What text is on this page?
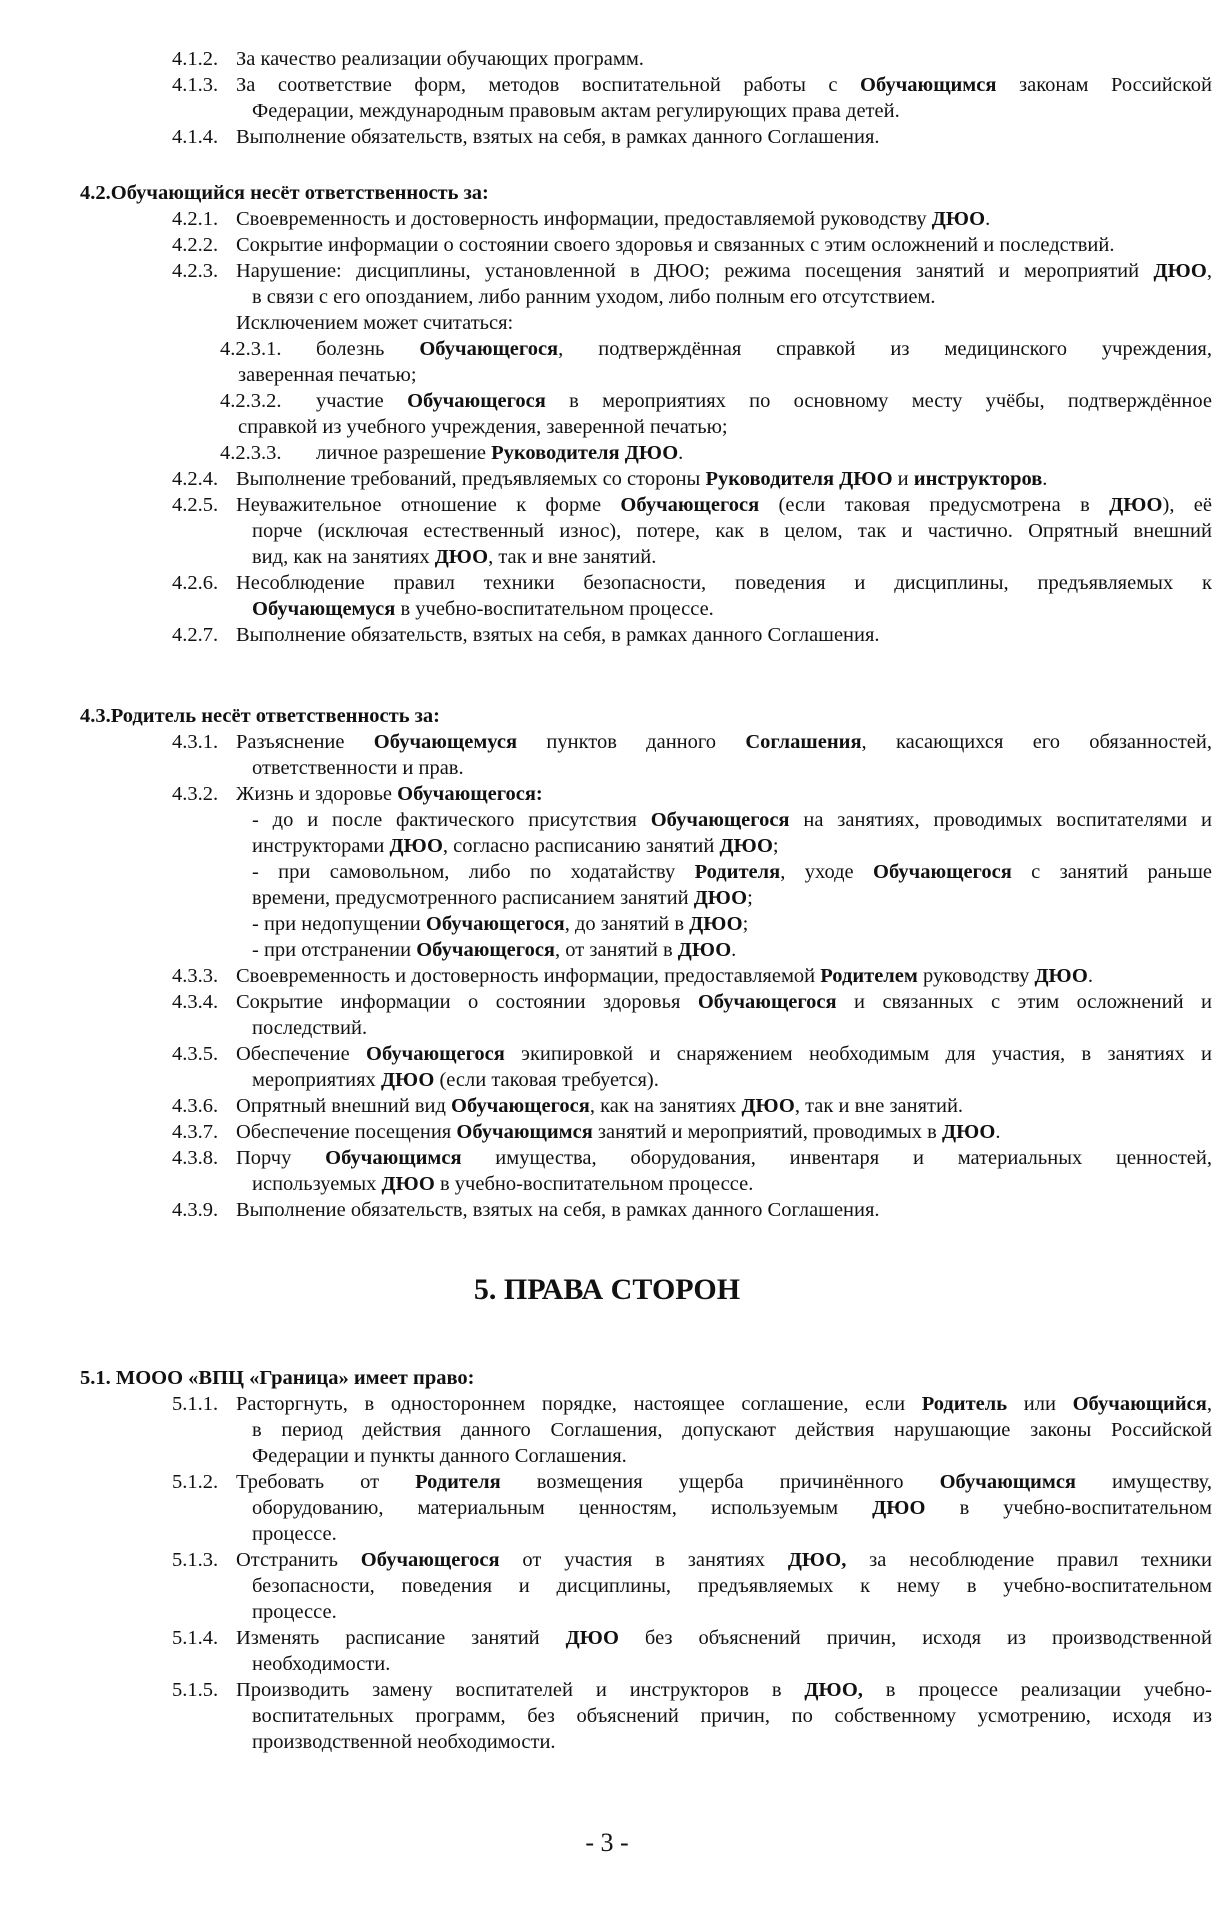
4.1.2. За качество реализации обучающих программ.
4.1.3. За соответствие форм, методов воспитательной работы с Обучающимся законам Российской
Федерации, международным правовым актам регулирующих права детей.
4.1.4. Выполнение обязательств, взятых на себя, в рамках данного Соглашения.
4.2.Обучающийся несёт ответственность за:
4.2.1. Своевременность и достоверность информации, предоставляемой руководству ДЮО.
4.2.2. Сокрытие информации о состоянии своего здоровья и связанных с этим осложнений и последствий.
4.2.3. Нарушение: дисциплины, установленной в ДЮО; режима посещения занятий и мероприятий ДЮО,
в связи с его опозданием, либо ранним уходом, либо полным его отсутствием.
Исключением может считаться:
4.2.3.1. болезнь Обучающегося, подтверждённая справкой из медицинского учреждения,
заверенная печатью;
4.2.3.2. участие Обучающегося в мероприятиях по основному месту учёбы, подтверждённое
справкой из учебного учреждения, заверенной печатью;
4.2.3.3. личное разрешение Руководителя ДЮО.
4.2.4. Выполнение требований, предъявляемых со стороны Руководителя ДЮО и инструкторов.
4.2.5. Неуважительное отношение к форме Обучающегося (если таковая предусмотрена в ДЮО), её
порче (исключая естественный износ), потере, как в целом, так и частично. Опрятный внешний
вид, как на занятиях ДЮО, так и вне занятий.
4.2.6. Несоблюдение правил техники безопасности, поведения и дисциплины, предъявляемых к
Обучающемуся в учебно-воспитательном процессе.
4.2.7. Выполнение обязательств, взятых на себя, в рамках данного Соглашения.
4.3.Родитель несёт ответственность за:
4.3.1. Разъяснение Обучающемуся пунктов данного Соглашения, касающихся его обязанностей,
ответственности и прав.
4.3.2. Жизнь и здоровье Обучающегося:
- до и после фактического присутствия Обучающегося на занятиях, проводимых воспитателями и
инструкторами ДЮО, согласно расписанию занятий ДЮО;
- при самовольном, либо по ходатайству Родителя, уходе Обучающегося с занятий раньше
времени, предусмотренного расписанием занятий ДЮО;
- при недопущении Обучающегося, до занятий в ДЮО;
- при отстранении Обучающегося, от занятий в ДЮО.
4.3.3. Своевременность и достоверность информации, предоставляемой Родителем руководству ДЮО.
4.3.4. Сокрытие информации о состоянии здоровья Обучающегося и связанных с этим осложнений и
последствий.
4.3.5. Обеспечение Обучающегося экипировкой и снаряжением необходимым для участия, в занятиях и
мероприятиях ДЮО (если таковая требуется).
4.3.6. Опрятный внешний вид Обучающегося, как на занятиях ДЮО, так и вне занятий.
4.3.7. Обеспечение посещения Обучающимся занятий и мероприятий, проводимых в ДЮО.
4.3.8. Порчу Обучающимся имущества, оборудования, инвентаря и материальных ценностей,
используемых ДЮО в учебно-воспитательном процессе.
4.3.9. Выполнение обязательств, взятых на себя, в рамках данного Соглашения.
5.1. МООО «ВПЦ «Граница» имеет право:
5.1.1. Расторгнуть, в одностороннем порядке, настоящее соглашение, если Родитель или Обучающийся,
в период действия данного Соглашения, допускают действия нарушающие законы Российской
Федерации и пункты данного Соглашения.
5.1.2. Требовать от Родителя возмещения ущерба причинённого Обучающимся имуществу,
оборудованию, материальным ценностям, используемым ДЮО в учебно-воспитательном
процессе.
5.1.3. Отстранить Обучающегося от участия в занятиях ДЮО, за несоблюдение правил техники
безопасности, поведения и дисциплины, предъявляемых к нему в учебно-воспитательном
процессе.
5.1.4. Изменять расписание занятий ДЮО без объяснений причин, исходя из производственной
необходимости.
5.1.5. Производить замену воспитателей и инструкторов в ДЮО, в процессе реализации учебно-
воспитательных программ, без объяснений причин, по собственному усмотрению, исходя из
производственной необходимости.
5. ПРАВА СТОРОН
- 3 -
